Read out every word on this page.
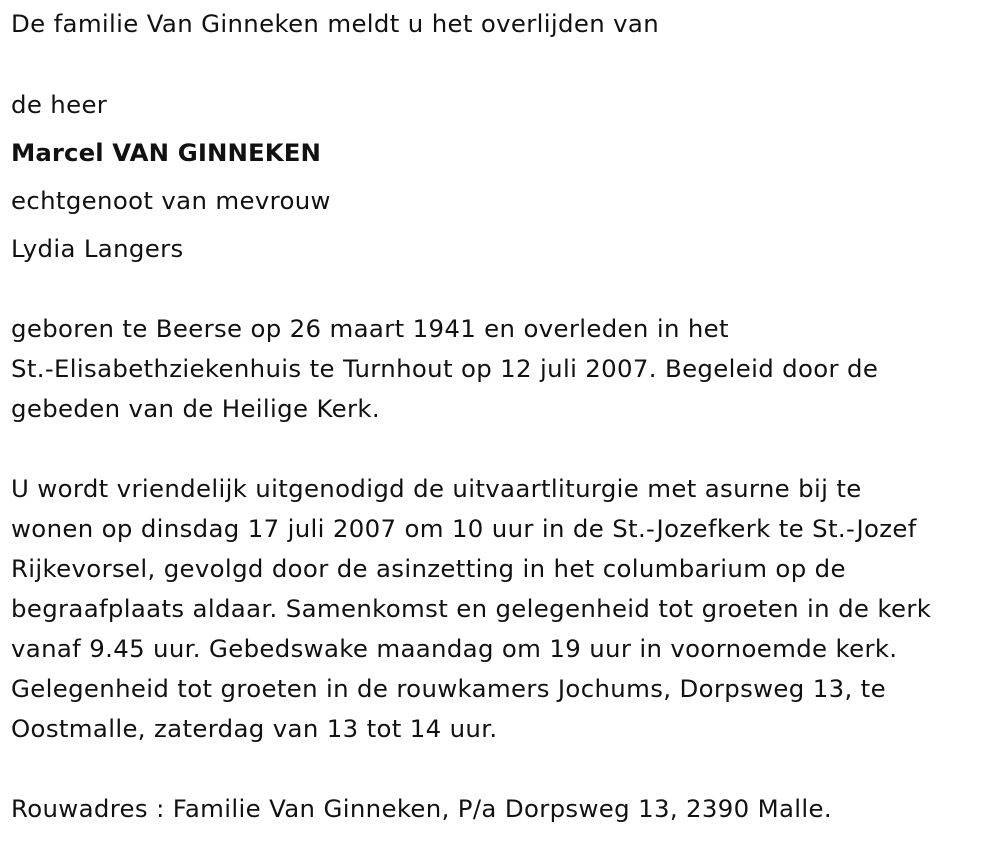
De familie Van Ginneken meldt u het overlijden van
de heer
Marcel VAN GINNEKEN
echtgenoot van mevrouw
Lydia Langers
geboren te Beerse op 26 maart 1941 en overleden in het
St.-Elisabethziekenhuis te Turnhout op 12 juli 2007. Begeleid door de
gebeden van de Heilige Kerk.
U wordt vriendelijk uitgenodigd de uitvaartliturgie met asurne bij te
wonen op dinsdag 17 juli 2007 om 10 uur in de St.-Jozefkerk te St.-Jozef
Rijkevorsel, gevolgd door de asinzetting in het columbarium op de
begraafplaats aldaar. Samenkomst en gelegenheid tot groeten in de kerk
vanaf 9.45 uur. Gebedswake maandag om 19 uur in voornoemde kerk.
Gelegenheid tot groeten in de rouwkamers Jochums, Dorpsweg 13, te
Oostmalle, zaterdag van 13 tot 14 uur.
Rouwadres : Familie Van Ginneken, P/a Dorpsweg 13, 2390 Malle.
